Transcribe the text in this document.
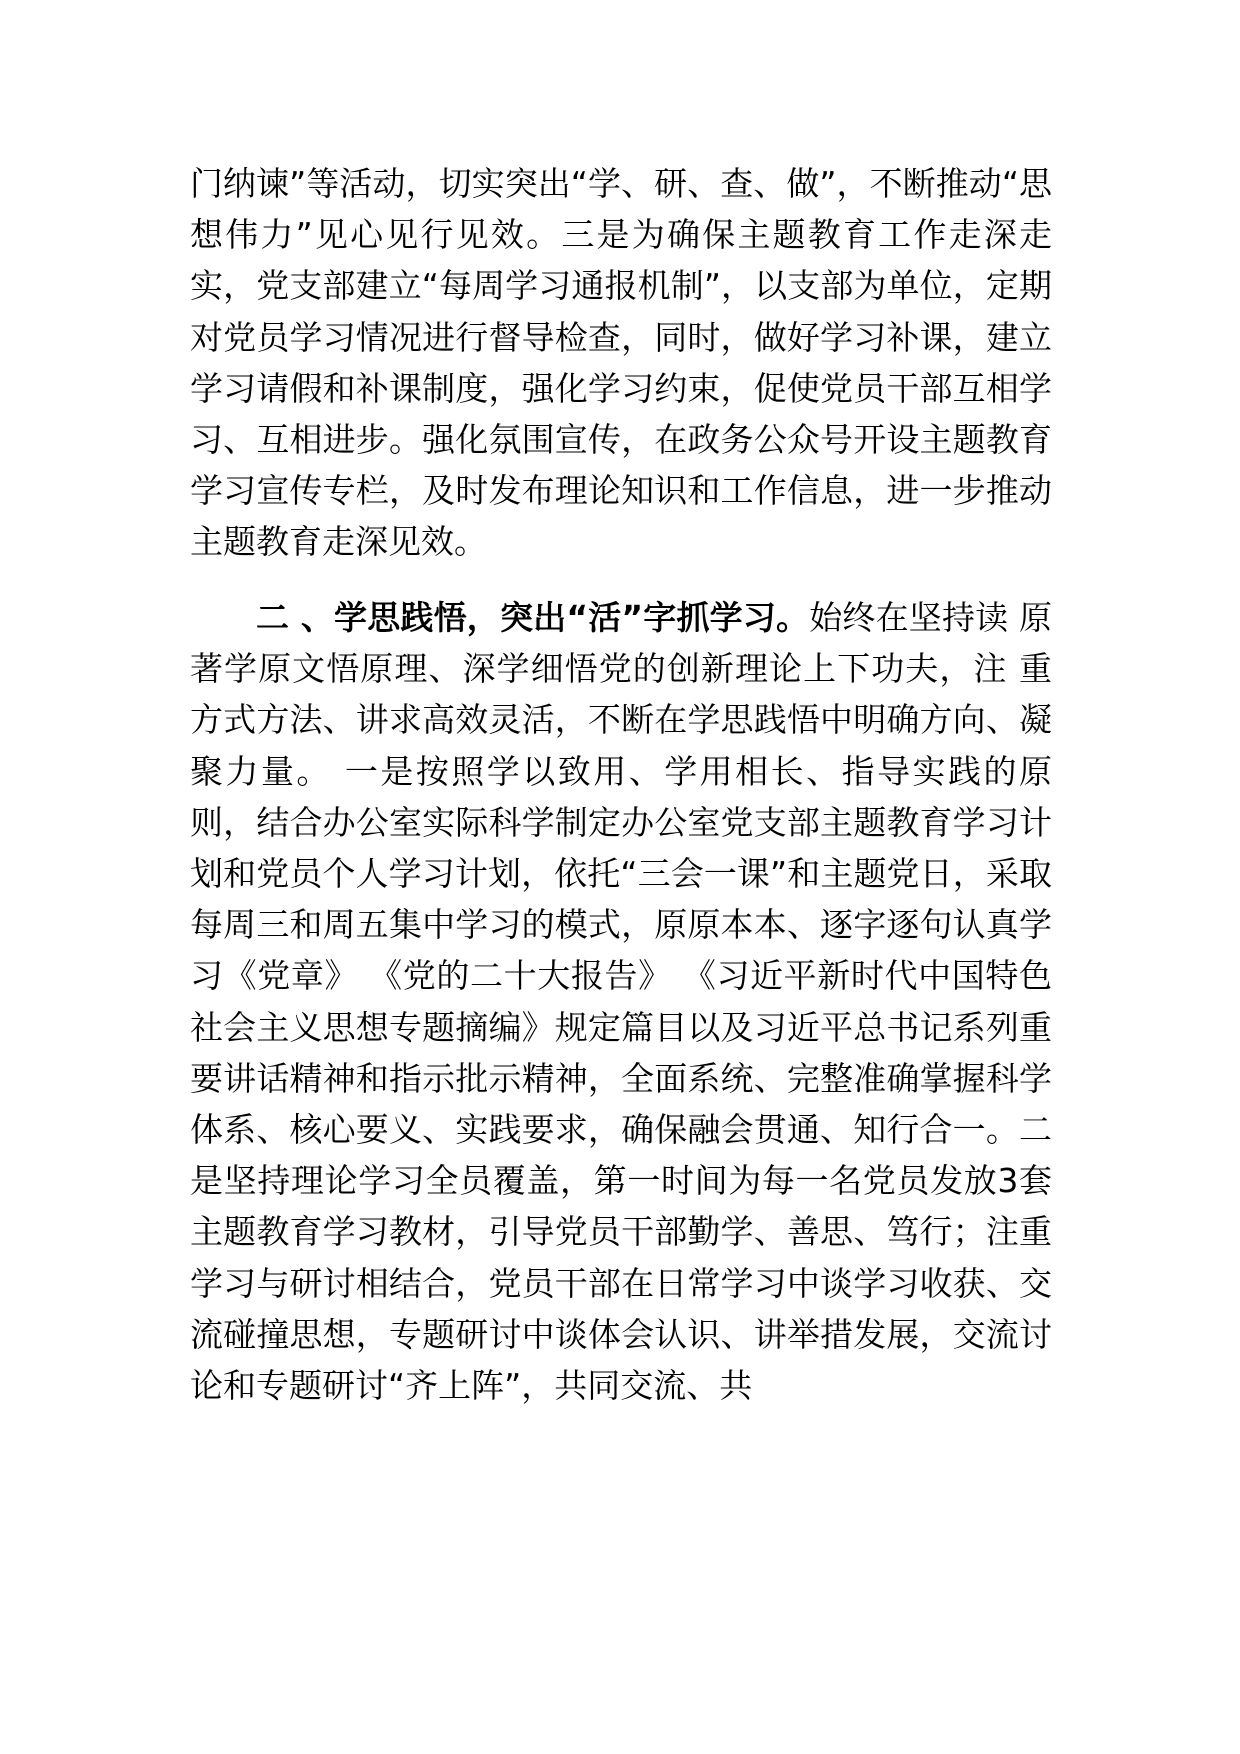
门纳谏”等活动，切实突出“学、研、查、做”，不断推动“思想伟力”见心见行见效。三是为确保主题教育工作走深走实，党支部建立“每周学习通报机制”，以支部为单位，定期对党员学习情况进行督导检查，同时，做好学习补课，建立学习请假和补课制度，强化学习约束，促使党员干部互相学习、互相进步。强化氛围宣传，在政务公众号开设主题教育学习宣传专栏，及时发布理论知识和工作信息，进一步推动主题教育走深见效。

二 、学思践悟，突出“活”字抓学习。始终在坚持读 原著学原文悟原理、深学细悟党的创新理论上下功夫，注 重方式方法、讲求高效灵活，不断在学思践悟中明确方向、凝聚力量。 一是按照学以致用、学用相长、指导实践的原则，结合办公室实际科学制定办公室党支部主题教育学习计划和党员个人学习计划，依托“三会一课”和主题党日，采取每周三和周五集中学习的模式，原原本本、逐字逐句认真学习《党章》 《党的二十大报告》 《习近平新时代中国特色社会主义思想专题摘编》规定篇目以及习近平总书记系列重要讲话精神和指示批示精神，全面系统、完整准确掌握科学体系、核心要义、实践要求，确保融会贯通、知行合一。二是坚持理论学习全员覆盖，第一时间为每一名党员发放3套主题教育学习教材，引导党员干部勤学、善思、笃行；注重学习与研讨相结合，党员干部在日常学习中谈学习收获、交流碰撞思想，专题研讨中谈体会认识、讲举措发展，交流讨论和专题研讨“齐上阵”，共同交流、共
